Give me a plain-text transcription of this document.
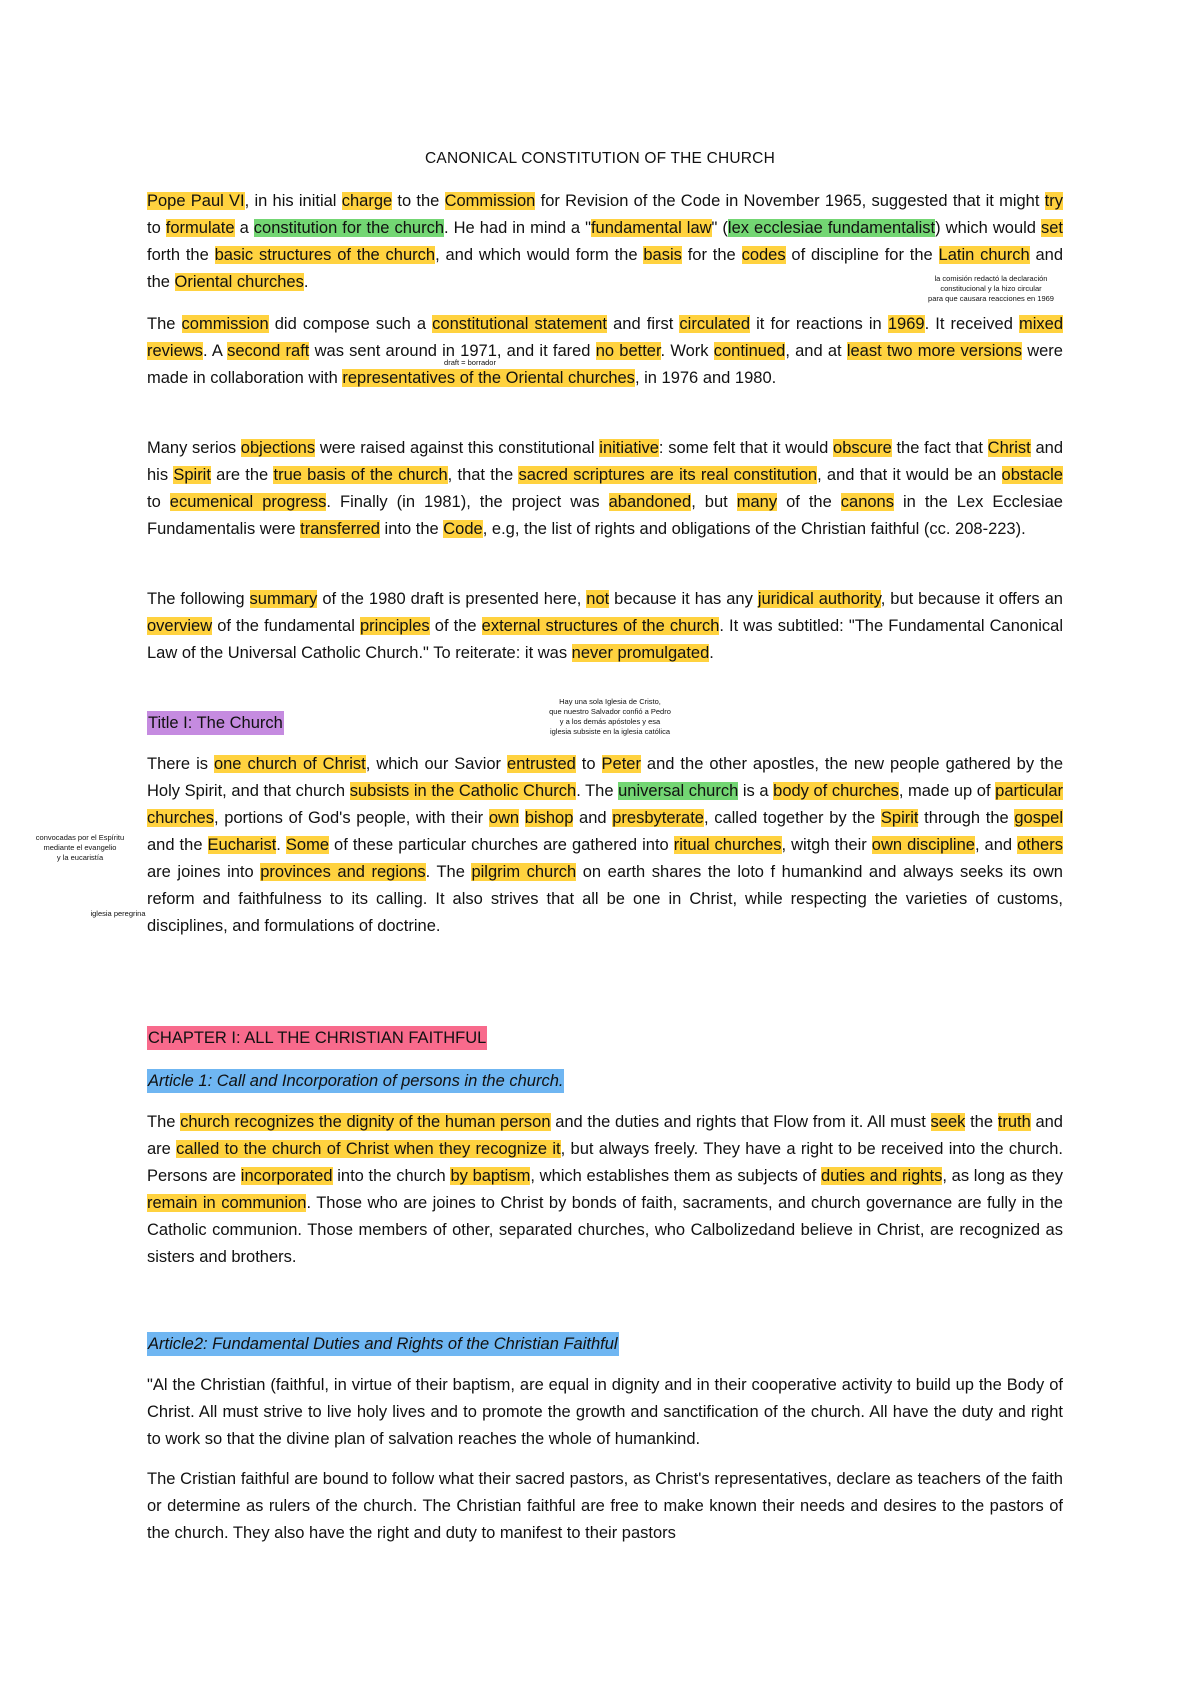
CANONICAL CONSTITUTION OF THE CHURCH

Pope Paul VI, in his initial charge to the Commission for Revision of the Code in November 1965, suggested that it might try to formulate a constitution for the church. He had in mind a "fundamental law" (lex ecclesiae fundamentalist) which would set forth the basic structures of the church, and which would form the basis for the codes of discipline for the Latin church and the Oriental churches.

The commission did compose such a constitutional statement and first circulated it for reactions in 1969. It received mixed reviews. A second raft was sent around in 1971, and it fared no better. Work continued, and at least two more versions were made in collaboration with representatives of the Oriental churches, in 1976 and 1980.

Many serios objections were raised against this constitutional initiative: some felt that it would obscure the fact that Christ and his Spirit are the true basis of the church, that the sacred scriptures are its real constitution, and that it would be an obstacle to ecumenical progress. Finally (in 1981), the project was abandoned, but many of the canons in the Lex Ecclesiae Fundamentalis were transferred into the Code, e.g, the list of rights and obligations of the Christian faithful (cc. 208-223).

The following summary of the 1980 draft is presented here, not because it has any juridical authority, but because it offers an overview of the fundamental principles of the external structures of the church. It was subtitled: "The Fundamental Canonical Law of the Universal Catholic Church." To reiterate: it was never promulgated.

Title I: The Church

There is one church of Christ, which our Savior entrusted to Peter and the other apostles, the new people gathered by the Holy Spirit, and that church subsists in the Catholic Church. The universal church is a body of churches, made up of particular churches, portions of God's people, with their own bishop and presbyterate, called together by the Spirit through the gospel and the Eucharist. Some of these particular churches are gathered into ritual churches, witgh their own discipline, and others are joines into provinces and regions. The pilgrim church on earth shares the loto f humankind and always seeks its own reform and faithfulness to its calling. It also strives that all be one in Christ, while respecting the varieties of customs, disciplines, and formulations of doctrine.

CHAPTER I: ALL THE CHRISTIAN FAITHFUL
Article 1: Call and Incorporation of persons in the church.

The church recognizes the dignity of the human person and the duties and rights that Flow from it. All must seek the truth and are called to the church of Christ when they recognize it, but always freely. They have a right to be received into the church. Persons are incorporated into the church by baptism, which establishes them as subjects of duties and rights, as long as they remain in communion. Those who are joines to Christ by bonds of faith, sacraments, and church governance are fully in the Catholic communion. Those members of other, separated churches, who Calbolizedand believe in Christ, are recognized as sisters and brothers.

Article2: Fundamental Duties and Rights of the Christian Faithful

"Al the Christian (faithful, in virtue of their baptism, are equal in dignity and in their cooperative activity to build up the Body of Christ. All must strive to live holy lives and to promote the growth and sanctification of the church. All have the duty and right to work so that the divine plan of salvation reaches the whole of humankind.

The Cristian faithful are bound to follow what their sacred pastors, as Christ's representatives, declare as teachers of the faith or determine as rulers of the church. The Christian faithful are free to make known their needs and desires to the pastors of the church. They also have the right and duty to manifest to their pastors

la comisión redactó la declaración
constitucional y la hizo circular
para que causara reacciones en 1969
draft = borrador
Hay una sola Iglesia de Cristo,
que nuestro Salvador confió a Pedro
y a los demás apóstoles y esa
iglesia subsiste en la iglesia católica
convocadas por el Espíritu
mediante el evangelio
y la eucaristía
iglesia peregrina
